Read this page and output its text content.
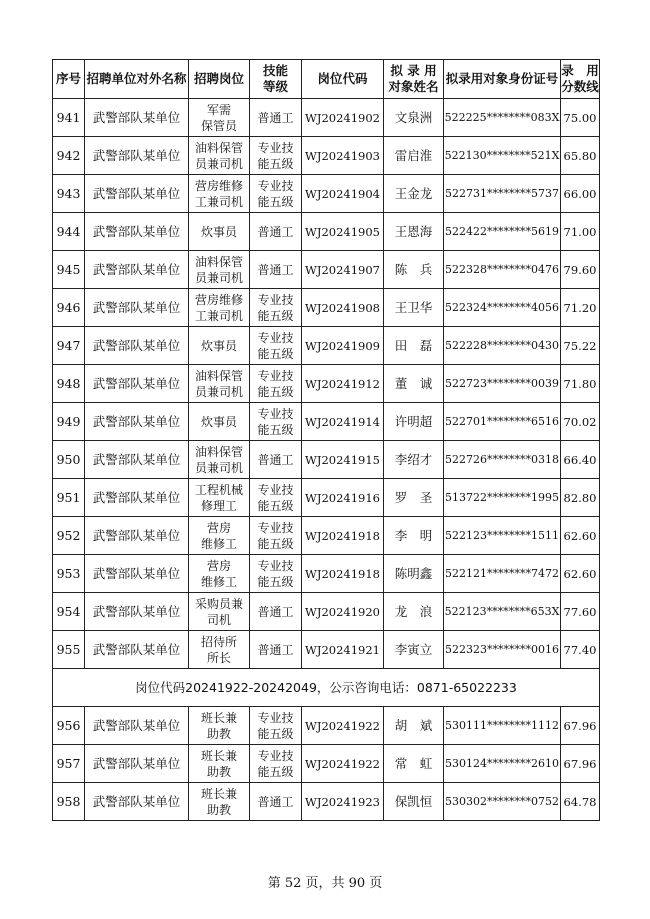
序号	招聘单位对外名称	招聘岗位	技能
等级	岗位代码	拟 录 用
对象姓名	拟录用对象身份证号	录　用
分数线
941	武警部队某单位	军需
保管员	普通工	WJ20241902	文泉洲	522225********083X	75.00
942	武警部队某单位	油料保管
员兼司机	专业技
能五级	WJ20241903	雷启淮	522130********521X	65.80
943	武警部队某单位	营房维修
工兼司机	专业技
能五级	WJ20241904	王金龙	522731********5737	66.00
944	武警部队某单位	炊事员	普通工	WJ20241905	王恩海	522422********5619	71.00
945	武警部队某单位	油料保管
员兼司机	普通工	WJ20241907	陈　兵	522328********0476	79.60
946	武警部队某单位	营房维修
工兼司机	专业技
能五级	WJ20241908	王卫华	522324********4056	71.20
947	武警部队某单位	炊事员	专业技
能五级	WJ20241909	田　磊	522228********0430	75.22
948	武警部队某单位	油料保管
员兼司机	专业技
能五级	WJ20241912	董　诚	522723********0039	71.80
949	武警部队某单位	炊事员	专业技
能五级	WJ20241914	许明超	522701********6516	70.02
950	武警部队某单位	油料保管
员兼司机	普通工	WJ20241915	李绍才	522726********0318	66.40
951	武警部队某单位	工程机械
修理工	专业技
能五级	WJ20241916	罗　圣	513722********1995	82.80
952	武警部队某单位	营房
维修工	专业技
能五级	WJ20241918	李　明	522123********1511	62.60
953	武警部队某单位	营房
维修工	专业技
能五级	WJ20241918	陈明鑫	522121********7472	62.60
954	武警部队某单位	采购员兼
司机	普通工	WJ20241920	龙　浪	522123********653X	77.60
955	武警部队某单位	招待所
所长	普通工	WJ20241921	李寅立	522323********0016	77.40
岗位代码20241922-20242049，公示咨询电话：0871-65022233							
956	武警部队某单位	班长兼
助教	专业技
能五级	WJ20241922	胡　斌	530111********1112	67.96
957	武警部队某单位	班长兼
助教	专业技
能五级	WJ20241922	常　虹	530124********2610	67.96
958	武警部队某单位	班长兼
助教	普通工	WJ20241923	保凯恒	530302********0752	64.78
第 52 页，共 90 页
